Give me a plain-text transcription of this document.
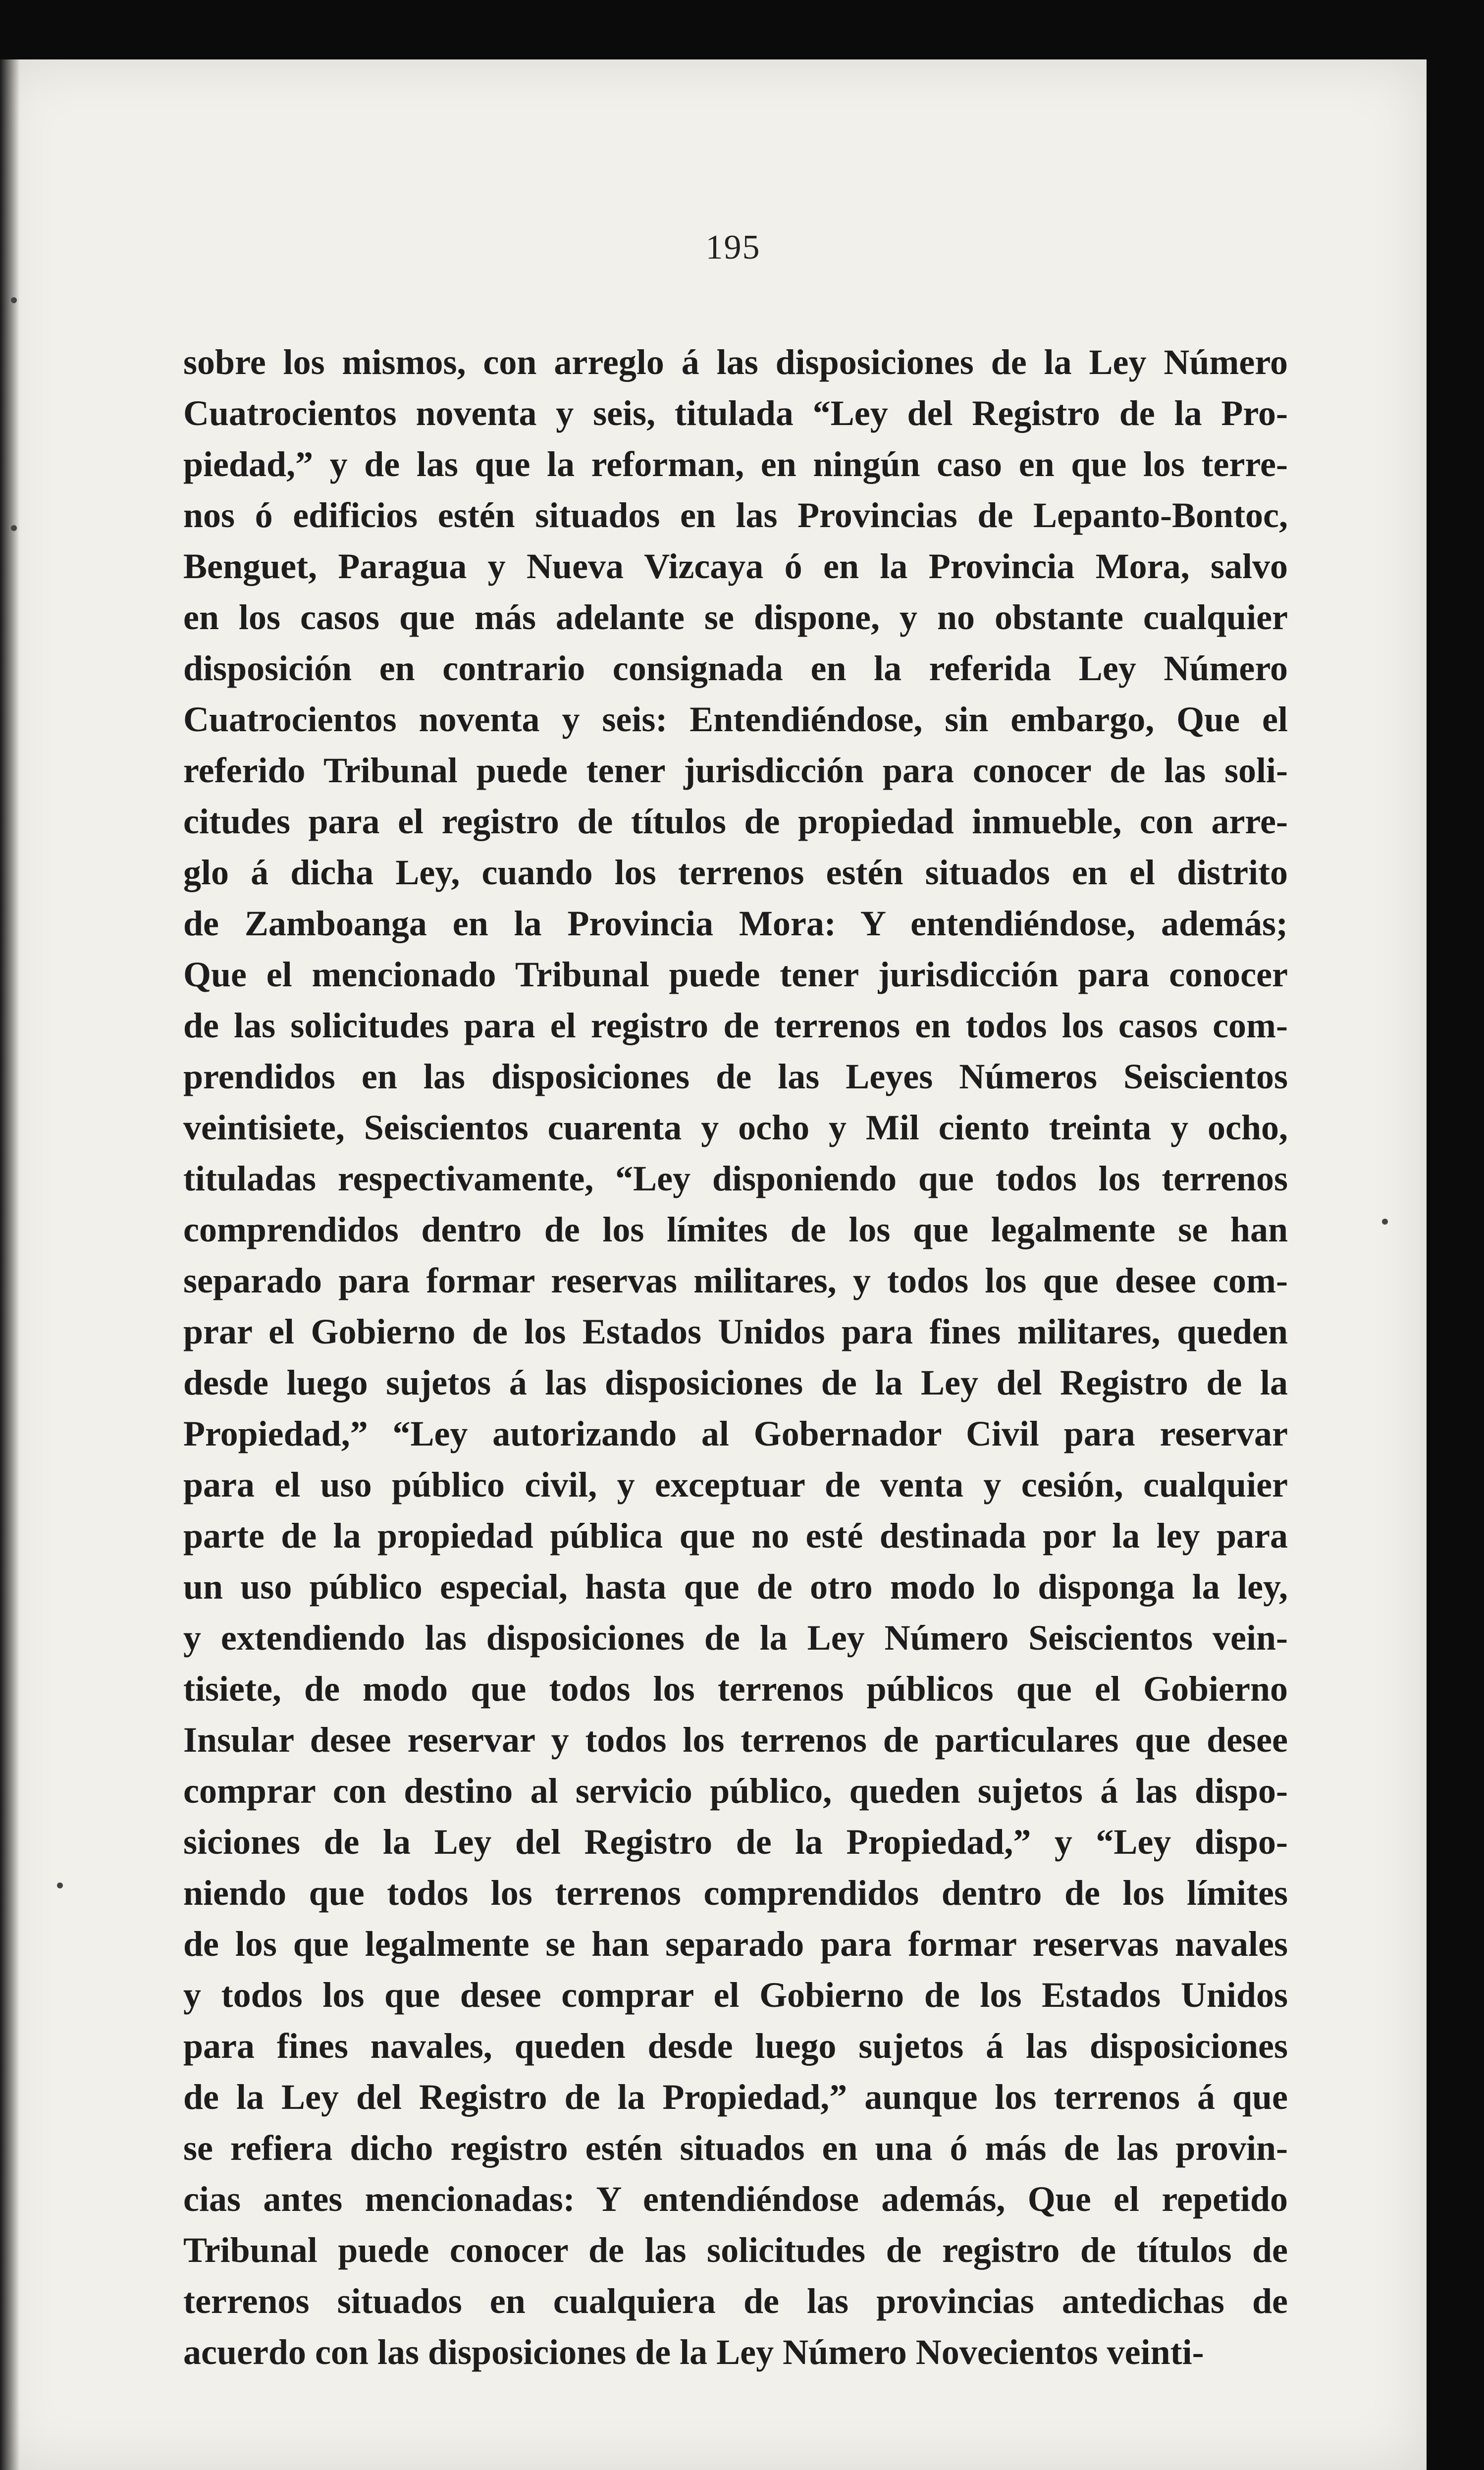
195
sobre los mismos, con arreglo á las disposiciones de la Ley Número
Cuatrocientos noventa y seis, titulada “Ley del Registro de la Pro-
piedad,” y de las que la reforman, en ningún caso en que los terre-
nos ó edificios estén situados en las Provincias de Lepanto-Bontoc,
Benguet, Paragua y Nueva Vizcaya ó en la Provincia Mora, salvo
en los casos que más adelante se dispone, y no obstante cualquier
disposición en contrario consignada en la referida Ley Número
Cuatrocientos noventa y seis: Entendiéndose, sin embargo, Que el
referido Tribunal puede tener jurisdicción para conocer de las soli-
citudes para el registro de títulos de propiedad inmueble, con arre-
glo á dicha Ley, cuando los terrenos estén situados en el distrito
de Zamboanga en la Provincia Mora: Y entendiéndose, además;
Que el mencionado Tribunal puede tener jurisdicción para conocer
de las solicitudes para el registro de terrenos en todos los casos com-
prendidos en las disposiciones de las Leyes Números Seiscientos
veintisiete, Seiscientos cuarenta y ocho y Mil ciento treinta y ocho,
tituladas respectivamente, “Ley disponiendo que todos los terrenos
comprendidos dentro de los límites de los que legalmente se han
separado para formar reservas militares, y todos los que desee com-
prar el Gobierno de los Estados Unidos para fines militares, queden
desde luego sujetos á las disposiciones de la Ley del Registro de la
Propiedad,” “Ley autorizando al Gobernador Civil para reservar
para el uso público civil, y exceptuar de venta y cesión, cualquier
parte de la propiedad pública que no esté destinada por la ley para
un uso público especial, hasta que de otro modo lo disponga la ley,
y extendiendo las disposiciones de la Ley Número Seiscientos vein-
tisiete, de modo que todos los terrenos públicos que el Gobierno
Insular desee reservar y todos los terrenos de particulares que desee
comprar con destino al servicio público, queden sujetos á las dispo-
siciones de la Ley del Registro de la Propiedad,” y “Ley dispo-
niendo que todos los terrenos comprendidos dentro de los límites
de los que legalmente se han separado para formar reservas navales
y todos los que desee comprar el Gobierno de los Estados Unidos
para fines navales, queden desde luego sujetos á las disposiciones
de la Ley del Registro de la Propiedad,” aunque los terrenos á que
se refiera dicho registro estén situados en una ó más de las provin-
cias antes mencionadas: Y entendiéndose además, Que el repetido
Tribunal puede conocer de las solicitudes de registro de títulos de
terrenos situados en cualquiera de las provincias antedichas de
acuerdo con las disposiciones de la Ley Número Novecientos veinti-
